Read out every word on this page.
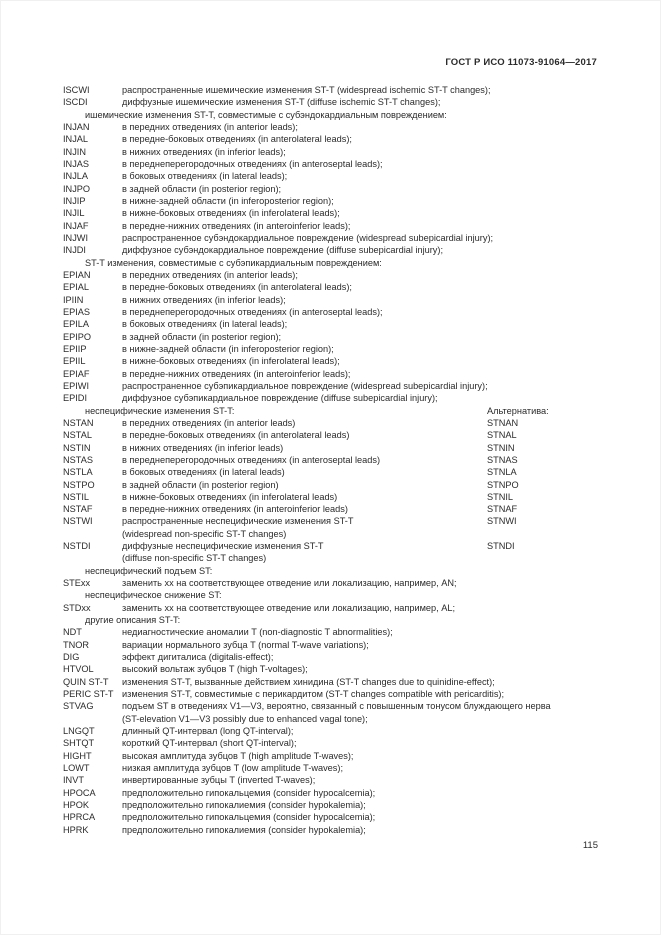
ГОСТ Р ИСО 11073-91064—2017
ISCWI	распространенные ишемические изменения ST-T (widespread ischemic ST-T changes);
ISCDI	диффузные ишемические изменения ST-T (diffuse ischemic ST-T changes);
ишемические изменения ST-T, совместимые с субэндокардиальным повреждением:
INJAN	в передних отведениях (in anterior leads);
INJAL	в передне-боковых отведениях (in anterolateral leads);
INJIN	в нижних отведениях (in inferior leads);
INJAS	в переднеперегородочных отведениях (in anteroseptal leads);
INJLA	в боковых отведениях (in lateral leads);
INJPO	в задней области (in posterior region);
INJIP	в нижне-задней области (in inferoposterior region);
INJIL	в нижне-боковых отведениях (in inferolateral leads);
INJAF	в передне-нижних отведениях (in anteroinferior leads);
INJWI	распространенное субэндокардиальное повреждение (widespread subepicardial injury);
INJDI	диффузное субэндокардиальное повреждение (diffuse subepicardial injury);
ST-T изменения, совместимые с субэпикардиальным повреждением:
EPIAN	в передних отведениях (in anterior leads);
EPIAL	в передне-боковых отведениях (in anterolateral leads);
IPIIN	в нижних отведениях (in inferior leads);
EPIAS	в переднеперегородочных отведениях (in anteroseptal leads);
EPILA	в боковых отведениях (in lateral leads);
EPIPO	в задней области (in posterior region);
EPIIP	в нижне-задней области (in inferoposterior region);
EPIIL	в нижне-боковых отведениях (in inferolateral leads);
EPIAF	в передне-нижних отведениях (in anteroinferior leads);
EPIWI	распространенное субэпикардиальное повреждение (widespread subepicardial injury);
EPIDI	диффузное субэпикардиальное повреждение (diffuse subepicardial injury);
неспецифические изменения ST-T:	Альтернатива:
NSTAN	в передних отведениях (in anterior leads)	STNAN
NSTAL	в передне-боковых отведениях (in anterolateral leads)	STNAL
NSTIN	в нижних отведениях (in inferior leads)	STNIN
NSTAS	в переднеперегородочных отведениях (in anteroseptal leads)	STNAS
NSTLA	в боковых отведениях (in lateral leads)	STNLA
NSTPO	в задней области (in posterior region)	STNPO
NSTIL	в нижне-боковых отведениях (in inferolateral leads)	STNIL
NSTAF	в передне-нижних отведениях (in anteroinferior leads)	STNAF
NSTWI	распространенные неспецифические изменения ST-T	STNWI
(widespread non-specific ST-T changes)
NSTDI	диффузные неспецифические изменения ST-T	STNDI
(diffuse non-specific ST-T changes)
неспецифический подъем ST:
STExx	заменить хх на соответствующее отведение или локализацию, например, AN;
неспецифическое снижение ST:
STDxx	заменить хх на соответствующее отведение или локализацию, например, AL;
другие описания ST-T:
NDT	недиагностические аномалии T (non-diagnostic T abnormalities);
TNOR	вариации нормального зубца T (normal T-wave variations);
DIG	эффект дигиталиса (digitalis-effect);
HTVOL	высокий вольтаж зубцов T (high T-voltages);
QUIN ST-T	изменения ST-T, вызванные действием хинидина (ST-T changes due to quinidine-effect);
PERIC ST-T изменения ST-T, совместимые с перикардитом (ST-T changes compatible with pericarditis);
STVAG	подъем ST в отведениях V1—V3, вероятно, связанный с повышенным тонусом блуждающего нерва
(ST-elevation V1—V3 possibly due to enhanced vagal tone);
LNGQT	длинный QT-интервал (long QT-interval);
SHTQT	короткий QT-интервал (short QT-interval);
HIGHT	высокая амплитуда зубцов T (high amplitude T-waves);
LOWT	низкая амплитуда зубцов T (low amplitude T-waves);
INVT	инвертированные зубцы T (inverted T-waves);
HPOCA	предположительно гипокальцемия (consider hypocalcemia);
HPOK	предположительно гипокалиемия (consider hypokalemia);
HPRCA	предположительно гипокальцемия (consider hypocalcemia);
HPRK	предположительно гипокалиемия (consider hypokalemia);
115
